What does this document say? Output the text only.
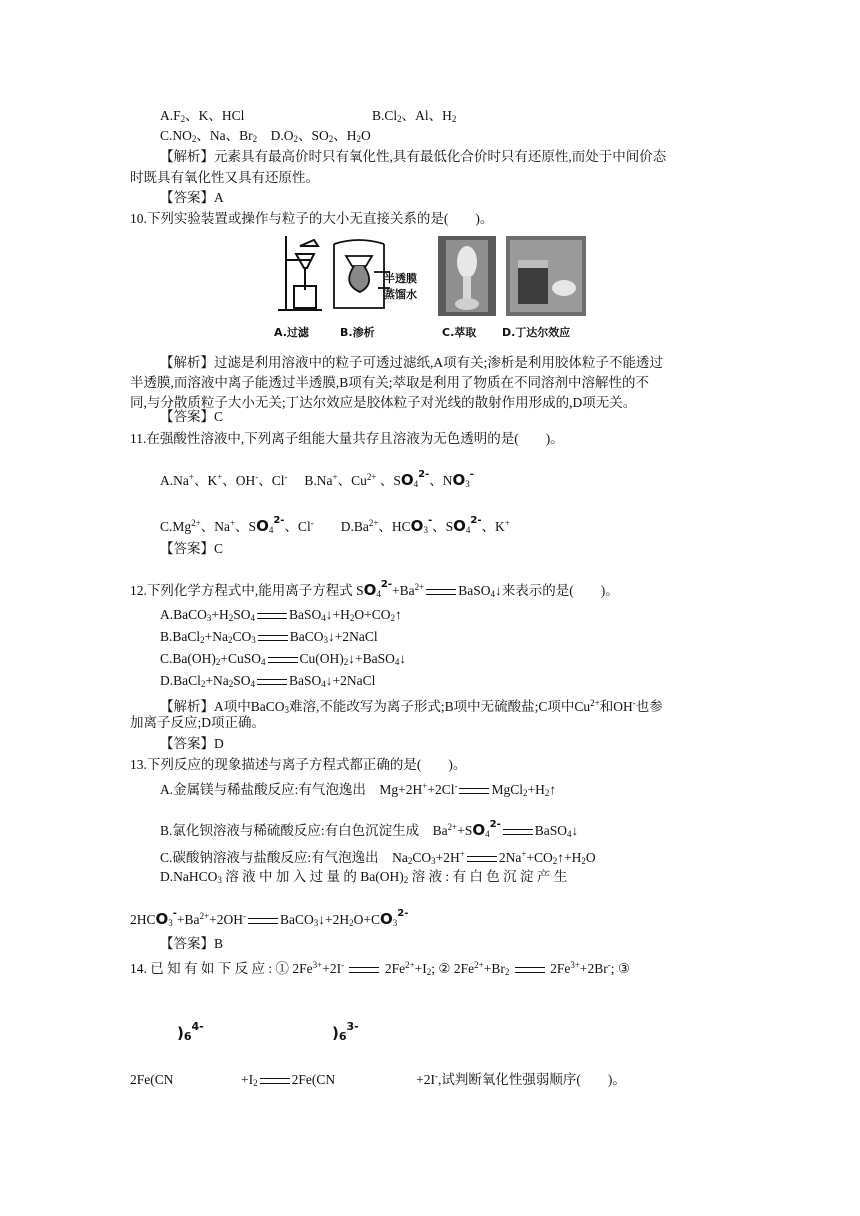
$A.F_2$、K、HCl	$B.Cl_2$、Al、$H_2$
$C.NO_2$、Na、$Br_2$　 $D.O_2$、$SO_2$、$H_2O$
【解析】元素具有最高价时只有氧化性,具有最低化合价时只有还原性,而处于中间价态
时既具有氧化性又具有还原性。
【答案】A
10.下列实验装置或操作与粒子的大小无直接关系的是(　　)。
半透膜
蒸馏水
A.过滤	B.渗析	C.萃取 D.丁达尔效应
【解析】过滤是利用溶液中的粒子可透过滤纸,A项有关;渗析是利用胶体粒子不能透过
半透膜,而溶液中离子能透过半透膜,B项有关;萃取是利用了物质在不同溶剂中溶解性的不
同,与分散质粒子大小无关;丁达尔效应是胶体粒子对光线的散射作用形成的,D项无关。
【答案】C
11.在强酸性溶液中,下列离子组能大量共存且溶液为无色透明的是(　　)。
A.Na+、K+、OH-、Cl-　 B.Na+、$Cu^{2+}$ 、$SO_4^{2-}$、$NO_3^-$
$C.Mg^{2+}$、Na+、$SO_4^{2-}$、Cl-　　$D.Ba^{2+}$、$HCO_3^-$、$SO_4^{2-}$、K+
【答案】C
12.下列化学方程式中,能用离子方程式 $SO_4^{2-}+Ba^{2+}$	BaSO$_4$↓来表示的是(　　)。
$A.BaCO_3+H_2SO_4$	$BaSO_4↓+H_2O+CO_2↑$
$B.BaCl_2+Na_2CO_3$	BaCO$_3$↓+2NaCl
$C.Ba(OH)_2+CuSO_4$	$Cu(OH)_2↓+BaSO_4↓$
$D.BaCl_2+Na_2SO_4$	BaSO$_4$↓+2NaCl
【解析】A项中BaCO$_3$难溶,不能改写为离子形式;B项中无硫酸盐;C项中$Cu^{2+}$和OH-也参
加离子反应;D项正确。
【答案】D
13.下列反应的现象描述与离子方程式都正确的是(　　)。
A.金属镁与稀盐酸反应:有气泡逸出　Mg+2H++2Cl-	$MgCl_2+H_2↑$
B.氯化钡溶液与稀硫酸反应:有白色沉淀生成　$Ba^{2+}+SO_4^{2-}$	BaSO$_4$↓
C.碳酸钠溶液与盐酸反应:有气泡逸出　$Na_2CO_3+2H^+$	$2Na^++CO_2↑+H_2O$
D.NaHCO$_3$ 溶 液 中 加 入 过 量 的 $Ba(OH)_2$ 溶 液 : 有 白 色 沉 淀 产 生
$2HCO_3^-+Ba^{2+}+2OH^-$	$BaCO_3↓+2H_2O+CO_3^{2-}$
【答案】B
14. 已 知 有 如 下 反 应 : ① $2Fe^{3+}+2I^-$	$2Fe^{2+}+I_2$; ② $2Fe^{2+}+Br_2$	$2Fe^{3+}+2Br^-$; ③
)$_6^{4-}$	)$_6^{3-}$
2Fe(CN　　　　　$+I_2$	2Fe(CN　　　　　　+2I-,试判断氧化性强弱顺序(　　)。
